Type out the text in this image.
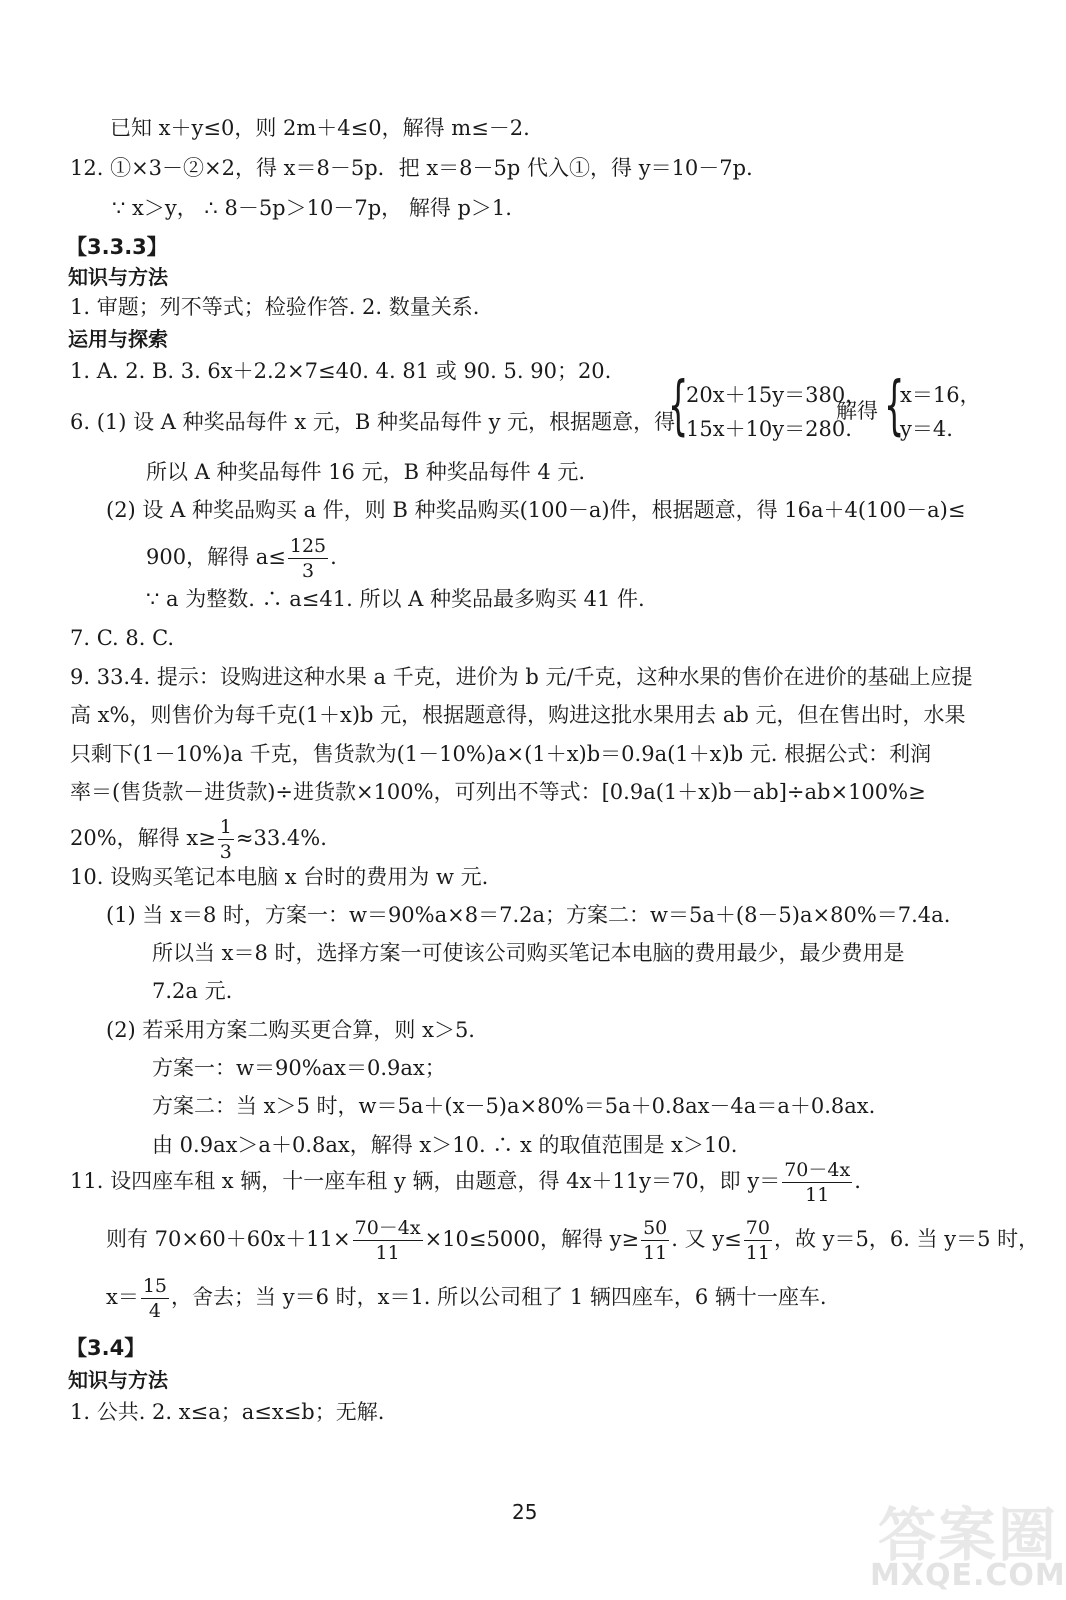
已知 x＋y≤0，则 2m＋4≤0，解得 m≤－2.
12. ①×3－②×2，得 x＝8－5p．把 x＝8－5p 代入①，得 y＝10－7p．
∵ x＞y， ∴ 8－5p＞10－7p， 解得 p＞1.
【3.3.3】
知识与方法
1. 审题；列不等式；检验作答. 2. 数量关系.
运用与探索
1. A. 2. B. 3. 6x＋2.2×7≤40. 4. 81 或 90. 5. 90；20.
6. (1) 设 A 种奖品每件 x 元，B 种奖品每件 y 元，根据题意，得
{
20x＋15y＝380，
15x＋10y＝280.
解得 {
x＝16，
y＝4.
所以 A 种奖品每件 16 元，B 种奖品每件 4 元.
(2) 设 A 种奖品购买 a 件，则 B 种奖品购买(100－a)件，根据题意，得 16a＋4(100－a)≤
900，解得 $a\le \frac{125}{3}$ .
∵ a 为整数. ∴ a≤41. 所以 A 种奖品最多购买 41 件.
7. C. 8. C.
9. 33.4. 提示：设购进这种水果 a 千克，进价为 b 元/千克，这种水果的售价在进价的基础上应提
高 x%，则售价为每千克(1＋x)b 元，根据题意得，购进这批水果用去 ab 元，但在售出时，水果
只剩下(1－10%)a 千克，售货款为(1－10%)a×(1＋x)b＝0.9a(1＋x)b 元. 根据公式：利润
率＝(售货款－进货款)÷进货款×100%，可列出不等式：[0.9a(1＋x)b－ab]÷ab×100%≥
20%，解得 $x\ge \frac{1}{3} \approx 33.4\%$.
10. 设购买笔记本电脑 x 台时的费用为 w 元.
(1) 当 x＝8 时，方案一：w＝90%a×8＝7.2a；方案二：w＝5a＋(8－5)a×80%＝7.4a.
所以当 x＝8 时，选择方案一可使该公司购买笔记本电脑的费用最少，最少费用是
7.2a 元.
(2) 若采用方案二购买更合算，则 x＞5.
方案一：w＝90%ax＝0.9ax；
方案二：当 x＞5 时，w＝5a＋(x－5)a×80%＝5a＋0.8ax－4a＝a＋0.8ax.
由 0.9ax＞a＋0.8ax，解得 x＞10. ∴ x 的取值范围是 x＞10.
11. 设四座车租 x 辆，十一座车租 y 辆，由题意，得 4x＋11y＝70，即 $y= \frac{70-4x}{11}$ .
则有 $70\times 60+60x+11\times \frac{70-4x}{11} \times 10\le 5000$，解得 $y\ge \frac{50}{11}$ . 又 $y\le \frac{70}{11}$ ，故 y＝5，6. 当 y＝5 时，
$x= \frac{15}{4}$ ，舍去；当 y＝6 时，x＝1. 所以公司租了 1 辆四座车，6 辆十一座车.
【3.4】
知识与方法
1. 公共. 2. x≤a；a≤x≤b；无解.
25	答案圈
MXQE.COM
